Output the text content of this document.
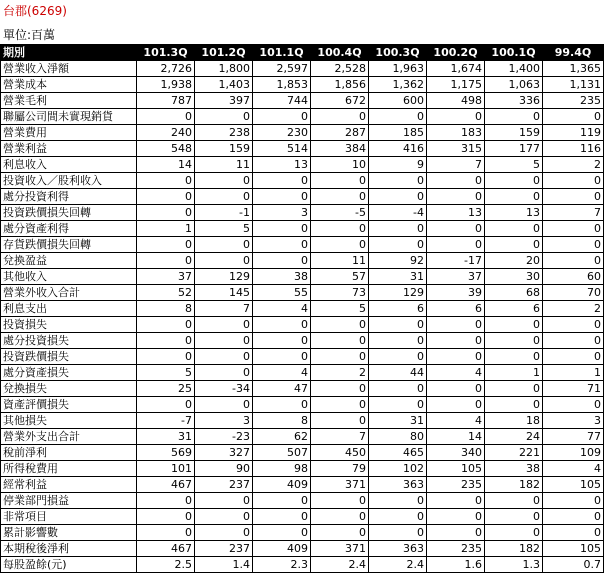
台郡(6269)
單位:百萬
期別	101.3Q	101.2Q	101.1Q	100.4Q	100.3Q	100.2Q	100.1Q	99.4Q
營業收入淨額	2,726	1,800	2,597	2,528	1,963	1,674	1,400	1,365
營業成本	1,938	1,403	1,853	1,856	1,362	1,175	1,063	1,131
營業毛利	787	397	744	672	600	498	336	235
聯屬公司間未實現銷貨	0	0	0	0	0	0	0	0
營業費用	240	238	230	287	185	183	159	119
營業利益	548	159	514	384	416	315	177	116
利息收入	14	11	13	10	9	7	5	2
投資收入／股利收入	0	0	0	0	0	0	0	0
處分投資利得	0	0	0	0	0	0	0	0
投資跌價損失回轉	0	-1	3	-5	-4	13	13	7
處分資產利得	1	5	0	0	0	0	0	0
存貨跌價損失回轉	0	0	0	0	0	0	0	0
兌換盈益	0	0	0	11	92	-17	20	0
其他收入	37	129	38	57	31	37	30	60
營業外收入合計	52	145	55	73	129	39	68	70
利息支出	8	7	4	5	6	6	6	2
投資損失	0	0	0	0	0	0	0	0
處分投資損失	0	0	0	0	0	0	0	0
投資跌價損失	0	0	0	0	0	0	0	0
處分資產損失	5	0	4	2	44	4	1	1
兌換損失	25	-34	47	0	0	0	0	71
資產評價損失	0	0	0	0	0	0	0	0
其他損失	-7	3	8	0	31	4	18	3
營業外支出合計	31	-23	62	7	80	14	24	77
稅前淨利	569	327	507	450	465	340	221	109
所得稅費用	101	90	98	79	102	105	38	4
經常利益	467	237	409	371	363	235	182	105
停業部門損益	0	0	0	0	0	0	0	0
非常項目	0	0	0	0	0	0	0	0
累計影響數	0	0	0	0	0	0	0	0
本期稅後淨利	467	237	409	371	363	235	182	105
每股盈餘(元)	2.5	1.4	2.3	2.4	2.4	1.6	1.3	0.7
